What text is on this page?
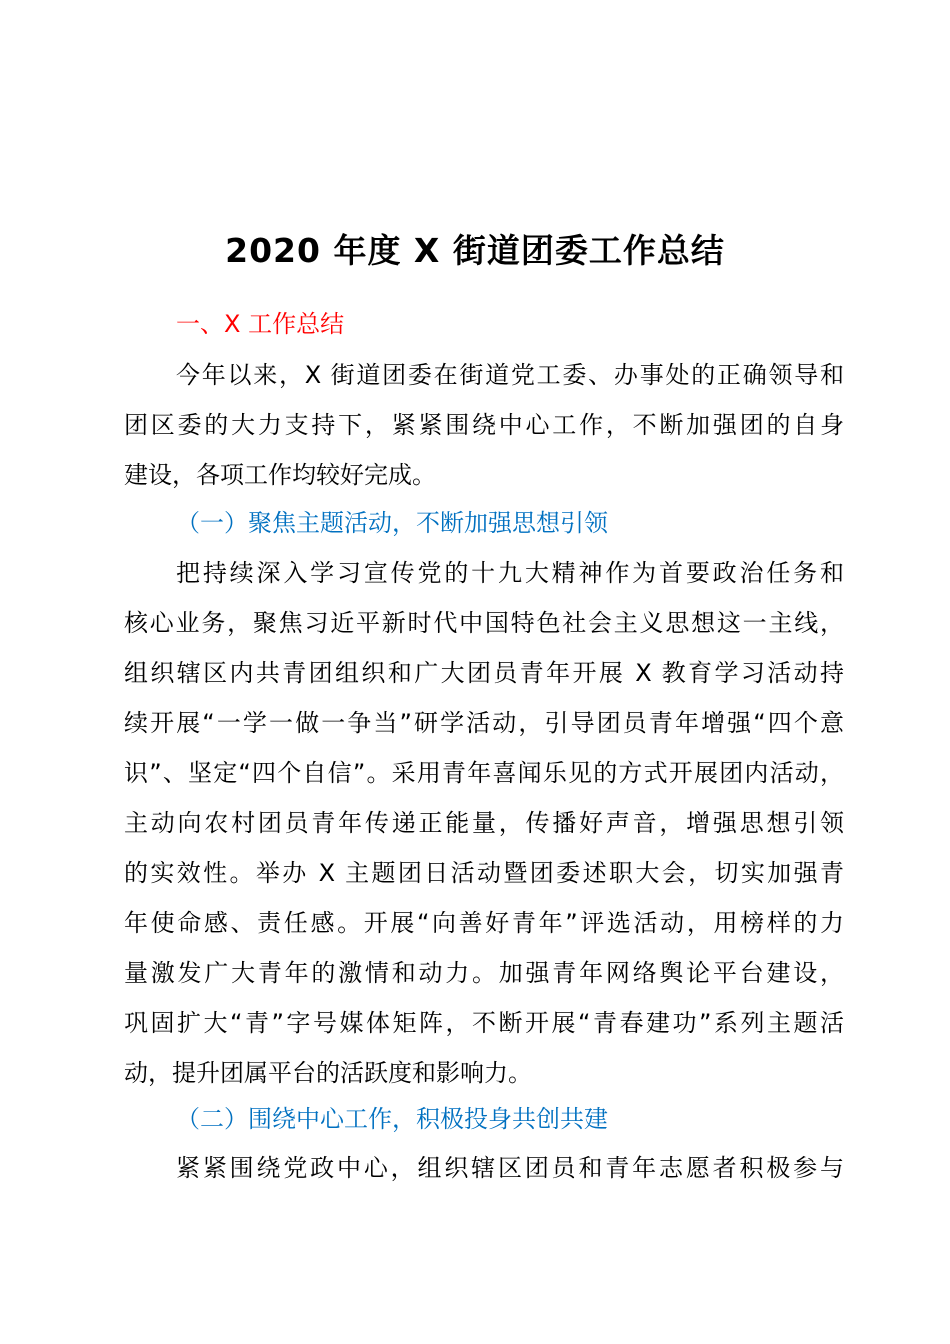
2020 年度 X 街道团委工作总结
一、X 工作总结
今年以来，X 街道团委在街道党工委、办事处的正确领导和
团区委的大力支持下，紧紧围绕中心工作，不断加强团的自身
建设，各项工作均较好完成。
（一）聚焦主题活动，不断加强思想引领
把持续深入学习宣传党的十九大精神作为首要政治任务和
核心业务，聚焦习近平新时代中国特色社会主义思想这一主线，
组织辖区内共青团组织和广大团员青年开展 X 教育学习活动持
续开展“一学一做一争当”研学活动，引导团员青年增强“四个意
识”、坚定“四个自信”。采用青年喜闻乐见的方式开展团内活动，
主动向农村团员青年传递正能量，传播好声音，增强思想引领
的实效性。举办 X 主题团日活动暨团委述职大会，切实加强青
年使命感、责任感。开展“向善好青年”评选活动，用榜样的力
量激发广大青年的激情和动力。加强青年网络舆论平台建设，
巩固扩大“青”字号媒体矩阵，不断开展“青春建功”系列主题活
动，提升团属平台的活跃度和影响力。
（二）围绕中心工作，积极投身共创共建
紧紧围绕党政中心，组织辖区团员和青年志愿者积极参与
